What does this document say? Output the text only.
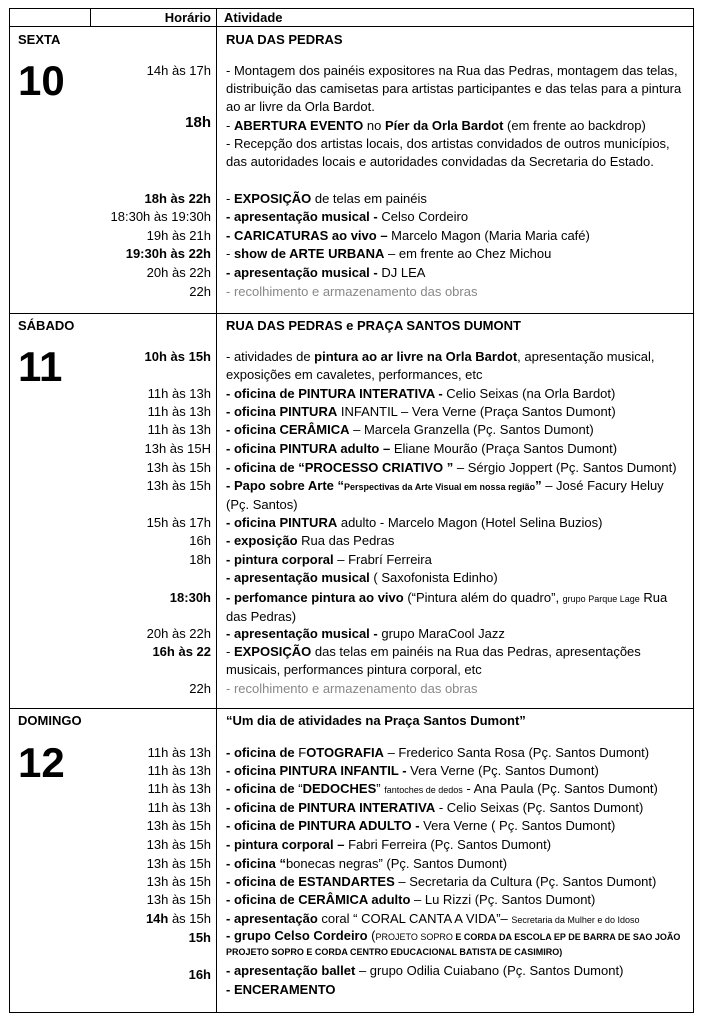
Horário Atividade
SEXTA
10
RUA DAS PEDRAS
14h às 17h - Montagem dos painéis expositores na Rua das Pedras, montagem das telas, distribuição das camisetas para artistas participantes e das telas para a pintura ao ar livre da Orla Bardot.
18h - ABERTURA EVENTO no Píer da Orla Bardot (em frente ao backdrop)
- Recepção dos artistas locais, dos artistas convidados de outros municípios, das autoridades locais e autoridades convidadas da Secretaria do Estado.
18h às 22h - EXPOSIÇÃO de telas em painéis
18:30h às 19:30h - apresentação musical - Celso Cordeiro
19h às 21h - CARICATURAS ao vivo – Marcelo Magon (Maria Maria café)
19:30h às 22h - show de ARTE URBANA – em frente ao Chez Michou
20h às 22h - apresentação musical - DJ LEA
22h - recolhimento e armazenamento das obras
SÁBADO
11
RUA DAS PEDRAS e PRAÇA SANTOS DUMONT
10h às 15h - atividades de pintura ao ar livre na Orla Bardot, apresentação musical, exposições em cavaletes, performances, etc
11h às 13h - oficina de PINTURA INTERATIVA - Celio Seixas (na Orla Bardot)
11h às 13h - oficina PINTURA INFANTIL – Vera Verne (Praça Santos Dumont)
11h às 13h - oficina CERÂMICA – Marcela Granzella (Pç. Santos Dumont)
13h às 15H - oficina PINTURA adulto – Eliane Mourão (Praça Santos Dumont)
13h às 15h - oficina de “PROCESSO CRIATIVO ” – Sérgio Joppert (Pç. Santos Dumont)
13h às 15h - Papo sobre Arte “Perspectivas da Arte Visual em nossa região” – José Facury Heluy (Pç. Santos)
15h às 17h - oficina PINTURA adulto - Marcelo Magon (Hotel Selina Buzios)
16h - exposição Rua das Pedras
18h - pintura corporal – Frabrí Ferreira
- apresentação musical ( Saxofonista Edinho)
18:30h - perfomance pintura ao vivo (“Pintura além do quadro”, grupo Parque Lage Rua das Pedras)
20h às 22h - apresentação musical - grupo MaraCool Jazz
16h às 22 - EXPOSIÇÃO das telas em painéis na Rua das Pedras, apresentações musicais, performances pintura corporal, etc
22h - recolhimento e armazenamento das obras
DOMINGO
12
“Um dia de atividades na Praça Santos Dumont”
11h às 13h - oficina de FOTOGRAFIA – Frederico Santa Rosa (Pç. Santos Dumont)
11h às 13h - oficina PINTURA INFANTIL - Vera Verne (Pç. Santos Dumont)
11h às 13h - oficina de “DEDOCHES” fantoches de dedos - Ana Paula (Pç. Santos Dumont)
11h às 13h - oficina de PINTURA INTERATIVA - Celio Seixas (Pç. Santos Dumont)
13h às 15h - oficina de PINTURA ADULTO - Vera Verne ( Pç. Santos Dumont)
13h às 15h - pintura corporal – Fabri Ferreira (Pç. Santos Dumont)
13h às 15h - oficina “bonecas negras” (Pç. Santos Dumont)
13h às 15h - oficina de ESTANDARTES – Secretaria da Cultura (Pç. Santos Dumont)
13h às 15h - oficina de CERÂMICA adulto – Lu Rizzi (Pç. Santos Dumont)
14h às 15h - apresentação coral “ CORAL CANTA A VIDA”– Secretaria da Mulher e do Idoso
15h - grupo Celso Cordeiro (PROJETO SOPRO E CORDA DA ESCOLA EP DE BARRA DE SAO JOÃO PROJETO SOPRO E CORDA CENTRO EDUCACIONAL BATISTA DE CASIMIRO)
16h - apresentação ballet – grupo Odilia Cuiabano (Pç. Santos Dumont)
- ENCERAMENTO
